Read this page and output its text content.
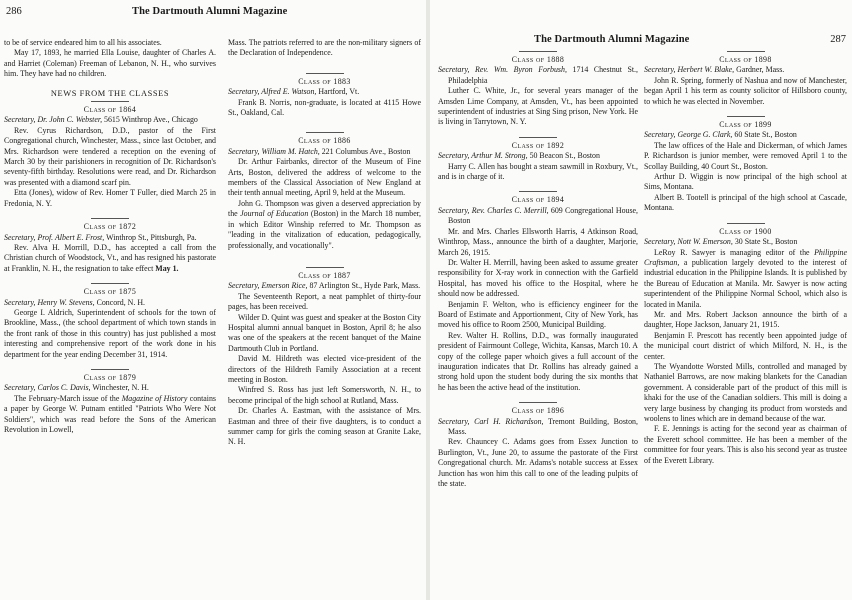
286	The Dartmouth Alumni Magazine

to be of service endeared him to all his associates.

May 17, 1893, he married Ella Louise, daughter of Charles A. and Harriet (Coleman) Freeman of Lebanon, N. H., who survives him. They have had no children.

NEWS FROM THE CLASSES
Class of 1864

Secretary, Dr. John C. Webster, 5615 Winthrop Ave., Chicago

Rev. Cyrus Richardson, D.D., pastor of the First Congregational church, Winchester, Mass., since last October, and Mrs. Richardson were tendered a reception on the evening of March 30 by their parishioners in recognition of Dr. Richardson's seventy-fifth birthday. Resolutions were read, and Dr. Richardson was presented with a diamond scarf pin.

Etta (Jones), widow of Rev. Homer T Fuller, died March 25 in Fredonia, N. Y.

Class of 1872

Secretary, Prof. Albert E. Frost, Winthrop St., Pittsburgh, Pa.

Rev. Alva H. Morrill, D.D., has accepted a call from the Christian church of Woodstock, Vt., and has resigned his pastorate at Franklin, N. H., the resignation to take effect May 1.

Class of 1875

Secretary, Henry W. Stevens, Concord, N. H.

George I. Aldrich, Superintendent of schools for the town of Brookline, Mass., (the school department of which town stands in the front rank of those in this country) has just published a most interesting and comprehensive report of the work done in his department for the year ending December 31, 1914.

Class of 1879

Secretary, Carlos C. Davis, Winchester, N. H.

The February-March issue of the Magazine of History contains a paper by George W. Putnam entitled "Patriots Who Were Not Soldiers", which was read before the Sons of the American Revolution in Lowell,

Mass. The patriots referred to are the non-military signers of the Declaration of Independence.

Class of 1883

Secretary, Alfred E. Watson, Hartford, Vt.

Frank B. Norris, non-graduate, is located at 4115 Howe St., Oakland, Cal.

Class of 1886

Secretary, William M. Hatch, 221 Columbus Ave., Boston

Dr. Arthur Fairbanks, director of the Museum of Fine Arts, Boston, delivered the address of welcome to the members of the Classical Association of New England at their tenth annual meeting, April 9, held at the Museum.

John G. Thompson was given a deserved appreciation by the Journal of Education (Boston) in the March 18 number, in which Editor Winship referred to Mr. Thompson as "leading in the vitalization of education, pedagogically, professionally, and vocationally".

Class of 1887

Secretary, Emerson Rice, 87 Arlington St., Hyde Park, Mass.

The Seventeenth Report, a neat pamphlet of thirty-four pages, has been received.

Wilder D. Quint was guest and speaker at the Boston City Hospital alumni annual banquet in Boston, April 8; he also was one of the speakers at the recent banquet of the Maine Dartmouth Club in Portland.

David M. Hildreth was elected vice-president of the directors of the Hildreth Family Association at a recent meeting in Boston.

Winfred S. Ross has just left Somersworth, N. H., to become principal of the high school at Rutland, Mass.

Dr. Charles A. Eastman, with the assistance of Mrs. Eastman and three of their five daughters, is to conduct a summer camp for girls the coming season at Granite Lake, N. H.

The Dartmouth Alumni Magazine	287
Class of 1888

Secretary, Rev. Wm. Byron Forbush, 1714 Chestnut St., Philadelphia

Luther C. White, Jr., for several years manager of the Amsden Lime Company, at Amsden, Vt., has been appointed superintendent of industries at Sing Sing prison, New York. He is living in Tarrytown, N. Y.

Class of 1892

Secretary, Arthur M. Strong, 50 Beacon St., Boston

Harry C. Allen has bought a steam sawmill in Roxbury, Vt., and is in charge of it.

Class of 1894

Secretary, Rev. Charles C. Merrill, 609 Congregational House, Boston

Mr. and Mrs. Charles Ellsworth Harris, 4 Atkinson Road, Winthrop, Mass., announce the birth of a daughter, Marjorie, March 26, 1915.

Dr. Walter H. Merrill, having been asked to assume greater responsibility for X-ray work in connection with the Garfield Hospital, has moved his office to the Hospital, where he should now be addressed.

Benjamin F. Welton, who is efficiency engineer for the Board of Estimate and Apportionment, City of New York, has moved his office to Room 2500, Municipal Building.

Rev. Walter H. Rollins, D.D., was formally inaugurated president of Fairmount College, Wichita, Kansas, March 10. A copy of the college paper whoich gives a full account of the inauguration indicates that Dr. Rollins has already gained a strong hold upon the student body during the six months that he has been the active head of the institution.

Class of 1896

Secretary, Carl H. Richardson, Tremont Building, Boston, Mass.

Rev. Chauncey C. Adams goes from Essex Junction to Burlington, Vt., June 20, to assume the pastorate of the First Congregational church. Mr. Adams's notable success at Essex Junction has won him this call to one of the leading pulpits of the state.

Class of 1898

Secretary, Herbert W. Blake, Gardner, Mass.

John R. Spring, formerly of Nashua and now of Manchester, began April 1 his term as county solicitor of Hillsboro county, to which he was elected in November.

Class of 1899

Secretary, George G. Clark, 60 State St., Boston

The law offices of the Hale and Dickerman, of which James P. Richardson is junior member, were removed April 1 to the Scollay Building, 40 Court St., Boston.

Arthur D. Wiggin is now principal of the high school at Sims, Montana.

Albert B. Tootell is principal of the high school at Cascade, Montana.

Class of 1900

Secretary, Nott W. Emerson, 30 State St., Boston

LeRoy R. Sawyer is managing editor of the Philippine Craftsman, a publication largely devoted to the interest of industrial education in the Philippine Islands. It is published by the Bureau of Education at Manila. Mr. Sawyer is now acting superintendent of the Philippine Normal School, which also is located in Manila.

Mr. and Mrs. Robert Jackson announce the birth of a daughter, Hope Jackson, January 21, 1915.

Benjamin F. Prescott has recently been appointed judge of the municipal court district of which Milford, N. H., is the center.

The Wyandotte Worsted Mills, controlled and managed by Nathaniel Barrows, are now making blankets for the Canadian government. A considerable part of the product of this mill is khaki for the use of the Canadian soldiers. This mill is doing a very large business by changing its product from worsteds and woolens to lines which are in demand because of the war.

F. E. Jennings is acting for the second year as chairman of the Everett school committee. He has been a member of the committee for four years. This is also his second year as trustee of the Everett Library.
